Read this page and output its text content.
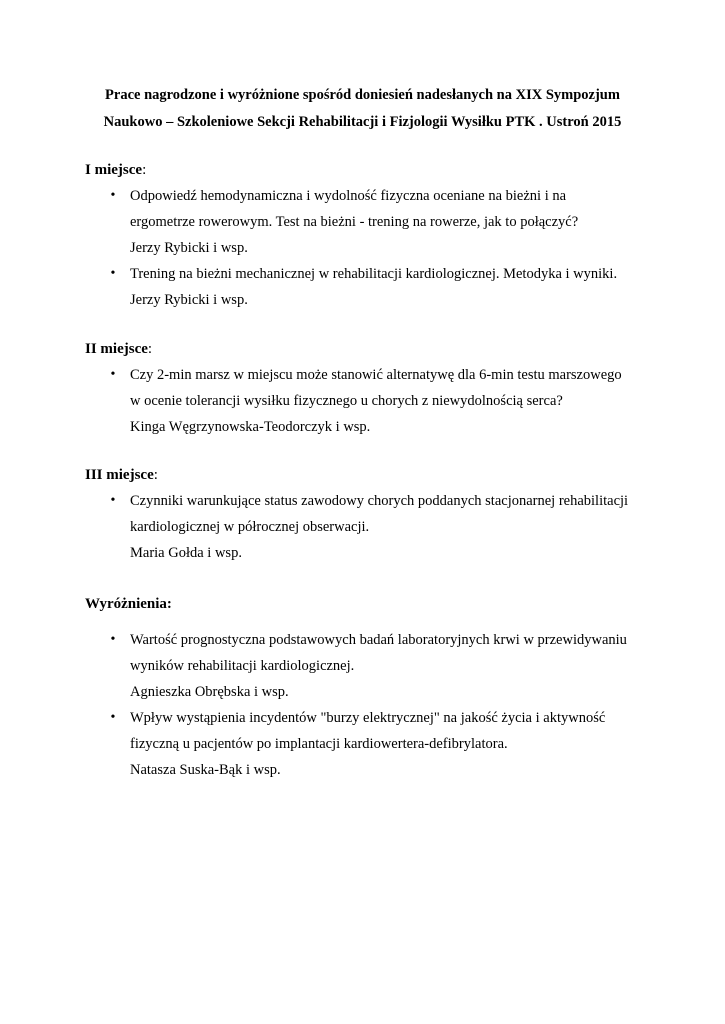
Prace nagrodzone i wyróżnione spośród doniesień nadesłanych na XIX Sympozjum
Naukowo – Szkoleniowe Sekcji Rehabilitacji i Fizjologii Wysiłku PTK . Ustroń 2015
I miejsce:
• Odpowiedź hemodynamiczna i wydolność fizyczna oceniane na bieżni i na
ergometrze rowerowym. Test na bieżni - trening na rowerze, jak to połączyć?
Jerzy Rybicki i wsp.
• Trening na bieżni mechanicznej w rehabilitacji kardiologicznej. Metodyka i wyniki.
Jerzy Rybicki i wsp.
II miejsce:
• Czy 2-min marsz w miejscu może stanowić alternatywę dla 6-min testu marszowego
w ocenie tolerancji wysiłku fizycznego u chorych z niewydolnością serca?
Kinga Węgrzynowska-Teodorczyk i wsp.
III miejsce:
• Czynniki warunkujące status zawodowy chorych poddanych stacjonarnej rehabilitacji
kardiologicznej w półrocznej obserwacji.
Maria Gołda i wsp.
Wyróżnienia:
• Wartość prognostyczna podstawowych badań laboratoryjnych krwi w przewidywaniu
wyników rehabilitacji kardiologicznej.
Agnieszka Obrębska i wsp.
• Wpływ wystąpienia incydentów "burzy elektrycznej" na jakość życia i aktywność
fizyczną u pacjentów po implantacji kardiowertera-defibrylatora.
Natasza Suska-Bąk i wsp.
